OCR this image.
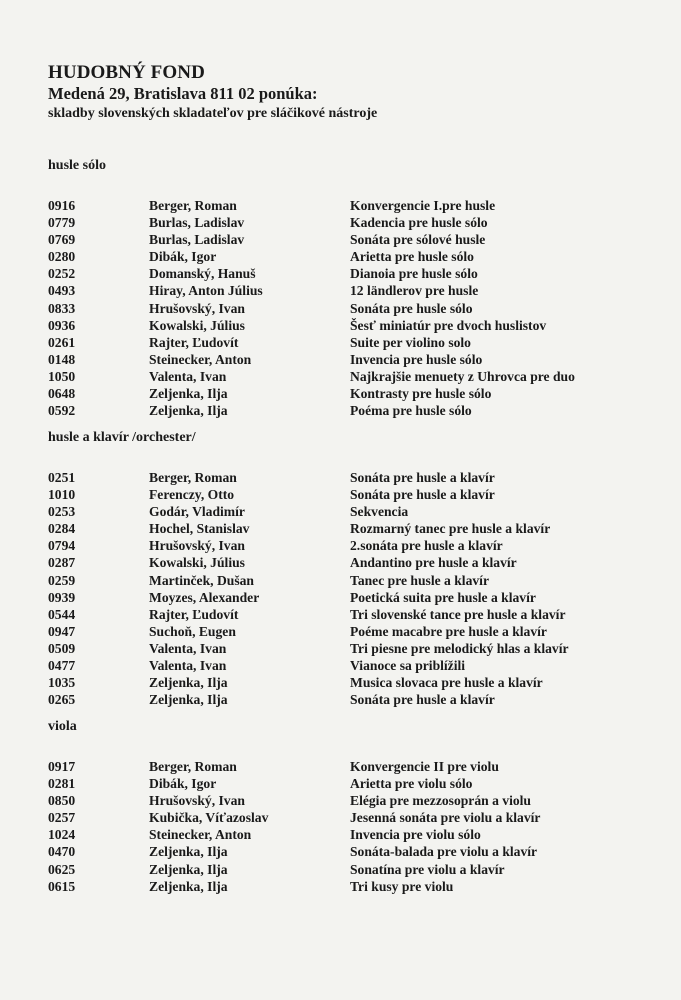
HUDOBNÝ FOND
Medená 29, Bratislava 811 02 ponúka:
skladby slovenských skladateľov pre sláčikové nástroje
husle sólo
0916	Berger, Roman	Konvergencie I.pre husle
0779	Burlas, Ladislav	Kadencia pre husle sólo
0769	Burlas, Ladislav	Sonáta pre sólové husle
0280	Dibák, Igor	Arietta pre husle sólo
0252	Domanský, Hanuš	Dianoia pre husle sólo
0493	Hiray, Anton Július	12 ländlerov pre husle
0833	Hrušovský, Ivan	Sonáta pre husle sólo
0936	Kowalski, Július	Šesť miniatúr pre dvoch huslistov
0261	Rajter, Ľudovít	Suite per violino solo
0148	Steinecker, Anton	Invencia pre husle sólo
1050	Valenta, Ivan	Najkrajšie menuety z Uhrovca pre duo
0648	Zeljenka, Ilja	Kontrasty pre husle sólo
0592	Zeljenka, Ilja	Poéma pre husle sólo
husle a klavír /orchester/
0251	Berger, Roman	Sonáta pre husle a klavír
1010	Ferenczy, Otto	Sonáta pre husle a klavír
0253	Godár, Vladimír	Sekvencia
0284	Hochel, Stanislav	Rozmarný tanec pre husle a klavír
0794	Hrušovský, Ivan	2.sonáta pre husle a klavír
0287	Kowalski, Július	Andantino pre husle a klavír
0259	Martinček, Dušan	Tanec pre husle a klavír
0939	Moyzes, Alexander	Poetická suita pre husle a klavír
0544	Rajter, Ľudovít	Tri slovenské tance pre husle a klavír
0947	Suchoň, Eugen	Poéme macabre pre husle a klavír
0509	Valenta, Ivan	Tri piesne pre melodický hlas a klavír
0477	Valenta, Ivan	Vianoce sa priblížili
1035	Zeljenka, Ilja	Musica slovaca pre husle a klavír
0265	Zeljenka, Ilja	Sonáta pre husle a klavír
viola
0917	Berger, Roman	Konvergencie II pre violu
0281	Dibák, Igor	Arietta pre violu sólo
0850	Hrušovský, Ivan	Elégia pre mezzosoprán a violu
0257	Kubička, Víťazoslav	Jesenná sonáta pre violu a klavír
1024	Steinecker, Anton	Invencia pre violu sólo
0470	Zeljenka, Ilja	Sonáta-balada pre violu a klavír
0625	Zeljenka, Ilja	Sonatína pre violu a klavír
0615	Zeljenka, Ilja	Tri kusy pre violu
